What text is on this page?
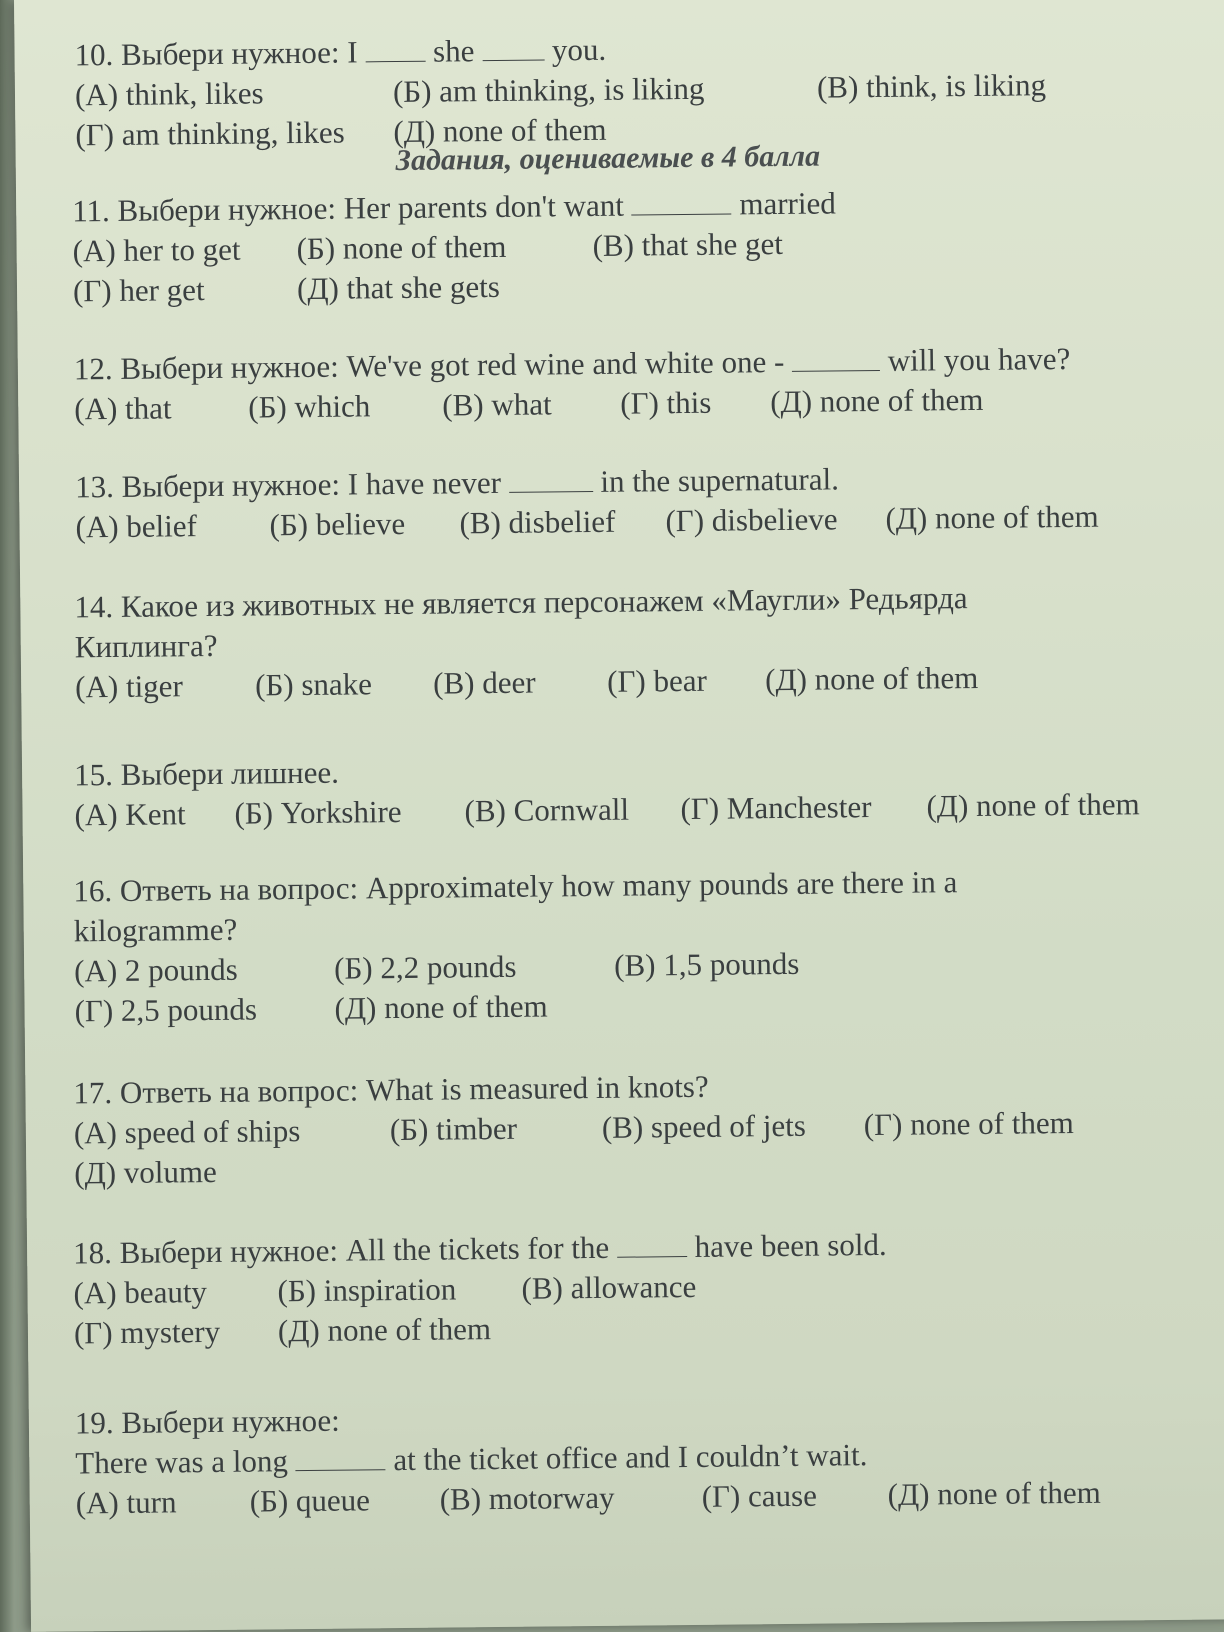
10. Выбери нужное: I she you.
(A) think, likes	(Б) am thinking, is liking	(B) think, is liking
(Г) am thinking, likes (Д) none of them
Задания, оцениваемые в 4 балла
11. Выбери нужное: Her parents don't want	married
(A) her to get (Б) none of them	(B) that she get
(Г) her get	(Д) that she gets
12. Выбери нужное: We've got red wine and white one -	will you have?
(A) that (Б) which (B) what (Г) this (Д) none of them
13. Выбери нужное: I have never	in the supernatural.
(A) belief (Б) believe (B) disbelief (Г) disbelieve (Д) none of them
14. Какое из животных не является персонажем «Маугли» Редьярда
Киплинга?
(A) tiger (Б) snake (B) deer (Г) bear (Д) none of them
15. Выбери лишнее.
(A) Kent (Б) Yorkshire (B) Cornwall (Г) Manchester (Д) none of them
16. Ответь на вопрос: Approximately how many pounds are there in a
kilogramme?
(A) 2 pounds	(Б) 2,2 pounds	(B) 1,5 pounds
(Г) 2,5 pounds (Д) none of them
17. Ответь на вопрос: What is measured in knots?
(A) speed of ships	(Б) timber	(B) speed of jets (Г) none of them
(Д) volume
18. Выбери нужное: All the tickets for the	have been sold.
(A) beauty (Б) inspiration (B) allowance
(Г) mystery (Д) none of them
19. Выбери нужное:
There was a long	at the ticket office and I couldn’t wait.
(A) turn (Б) queue (B) motorway	(Г) cause (Д) none of them
